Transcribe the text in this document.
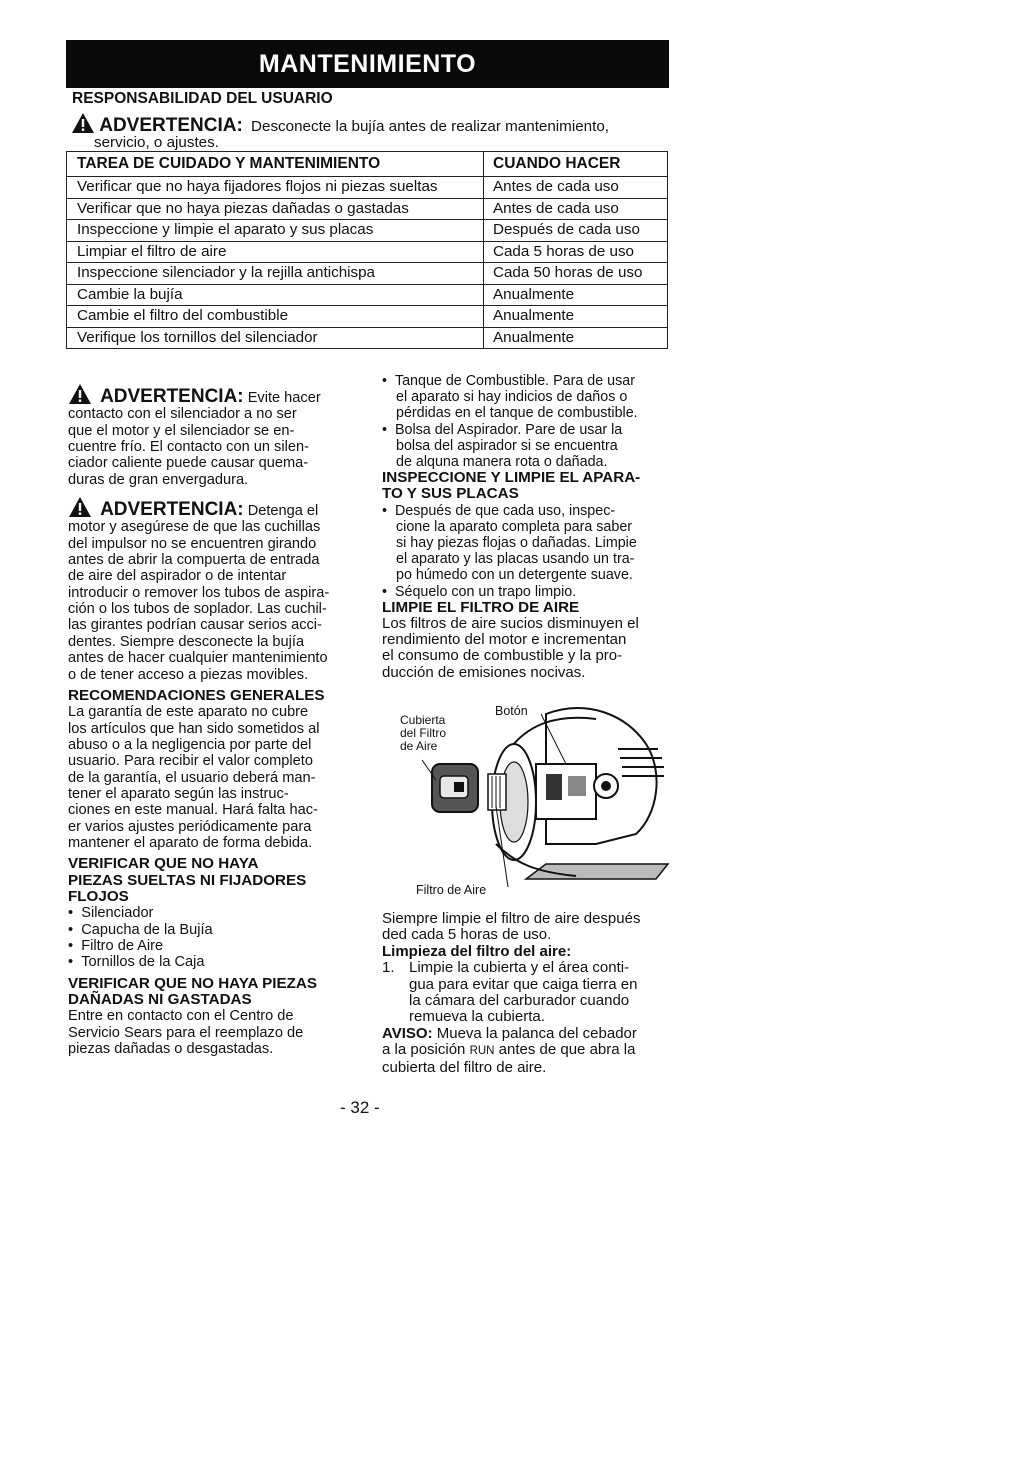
MANTENIMIENTO
RESPONSABILIDAD DEL USUARIO
ADVERTENCIA: Desconecte la bujía antes de realizar mantenimiento,
servicio, o ajustes.
TAREA DE CUIDADO Y MANTENIMIENTO	CUANDO HACER
Verificar que no haya fijadores flojos ni piezas sueltas	Antes de cada uso
Verificar que no haya piezas dañadas o gastadas	Antes de cada uso
Inspeccione y limpie el aparato y sus placas	Después de cada uso
Limpiar el filtro de aire	Cada 5 horas de uso
Inspeccione silenciador y la rejilla antichispa	Cada 50 horas de uso
Cambie la bujía	Anualmente
Cambie el filtro del combustible	Anualmente
Verifique los tornillos del silenciador	Anualmente

ADVERTENCIA: Evite hacer

contacto con el silenciador a no ser

que el motor y el silenciador se en-

cuentre frío. El contacto con un silen-

ciador caliente puede causar quema-

duras de gran envergadura.

ADVERTENCIA: Detenga el

motor y asegúrese de que las cuchillas

del impulsor no se encuentren girando

antes de abrir la compuerta de entrada

de aire del aspirador o de intentar

introducir o remover los tubos de aspira-

ción o los tubos de soplador. Las cuchil-

las girantes podrían causar serios acci-

dentes. Siempre desconecte la bujía

antes de hacer cualquier mantenimiento

o de tener acceso a piezas movibles.

RECOMENDACIONES GENERALES

La garantía de este aparato no cubre

los artículos que han sido sometidos al

abuso o a la negligencia por parte del

usuario. Para recibir el valor completo

de la garantía, el usuario deberá man-

tener el aparato según las instruc-

ciones en este manual. Hará falta hac-

er varios ajustes periódicamente para

mantener el aparato de forma debida.

VERIFICAR QUE NO HAYA

PIEZAS SUELTAS NI FIJADORES

FLOJOS

•  Silenciador

•  Capucha de la Bujía

•  Filtro de Aire

•  Tornillos de la Caja

VERIFICAR QUE NO HAYA PIEZAS

DAÑADAS NI GASTADAS

Entre en contacto con el Centro de

Servicio Sears para el reemplazo de

piezas dañadas o desgastadas.

•  Tanque de Combustible. Para de usar

el aparato si hay indicios de daños o

pérdidas en el tanque de combustible.

•  Bolsa del Aspirador. Pare de usar la

bolsa del aspirador si se encuentra

de alquna manera rota o dañada.

INSPECCIONE Y LIMPIE EL APARA-

TO Y SUS PLACAS

•  Después de que cada uso, inspec-

cione la aparato completa para saber

si hay piezas flojas o dañadas. Limpie

el aparato y las placas usando un tra-

po húmedo con un detergente suave.

•  Séquelo con un trapo limpio.

LIMPIE EL FILTRO DE AIRE

Los filtros de aire sucios disminuyen el

rendimiento del motor e incrementan

el consumo de combustible y la pro-

ducción de emisiones nocivas.

Cubierta
del Filtro
de Aire
Botón
Filtro de Aire

Siempre limpie el filtro de aire después

ded cada 5 horas de uso.

Limpieza del filtro del aire:

1. Limpie la cubierta y el área conti-

gua para evitar que caiga tierra en

la cámara del carburador cuando

remueva la cubierta.

AVISO: Mueva la palanca del cebador

a la posición RUN antes de que abra la

cubierta del filtro de aire.

- 32 -
